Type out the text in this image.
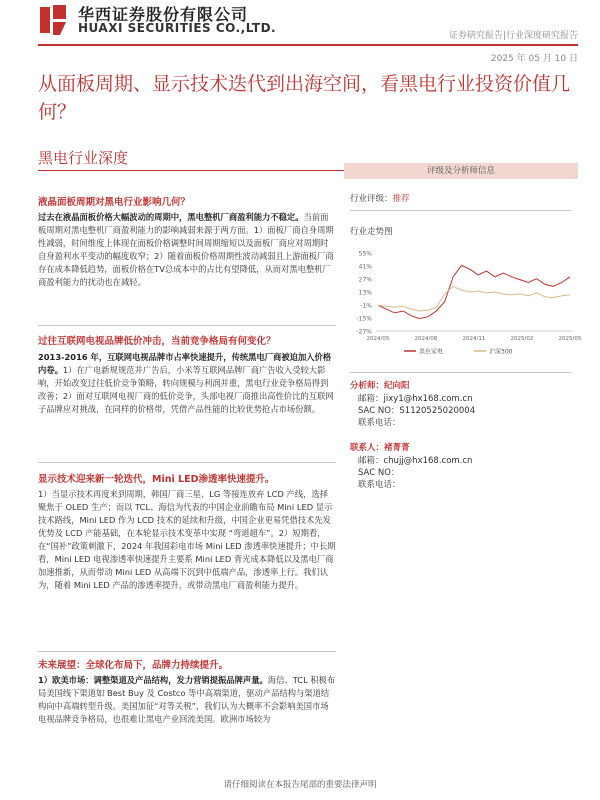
华西证券股份有限公司
HUAXI SECURITIES CO.,LTD.
证券研究报告|行业深度研究报告
2025 年 05 月 10 日
从面板周期、显示技术迭代到出海空间，看黑电行业投资价值几何？
黑电行业深度
液晶面板周期对黑电行业影响几何？
过去在液晶面板价格大幅波动的周期中，黑电整机厂商盈利能力不稳定。当前面板周期对黑电整机厂商盈利能力的影响减弱来源于两方面。1）面板厂商自身周期性减弱，时间维度上体现在面板价格调整时间周期缩短以及面板厂商应对周期时自身盈利水平变动的幅度收窄；2）随着面板价格周期性波动减弱且上游面板厂商存在成本降低趋势，面板价格在TV总成本中的占比有望降低，从而对黑电整机厂商盈利能力的扰动也在减轻。
过往互联网电视品牌低价冲击，当前竞争格局有何变化？
2013-2016 年，互联网电视品牌市占率快速提升，传统黑电厂商被迫加入价格内卷。1）在广电新规规范并广告后，小米等互联网品牌厂商广告收入受较大影响，开始改变过往低价竞争策略，转向规模与利润并重，黑电行业竞争格局得到改善；2）面对互联网电视厂商的低价竞争，头部电视厂商推出高性价比的互联网子品牌应对挑战，在同样的价格带，凭借产品性能的比较优势抢占市场份额。
显示技术迎来新一轮迭代，Mini LED渗透率快速提升。
1）当显示技术再度来到周期，韩国厂商三星、LG 等接连放弃 LCD 产线，选择聚焦于 OLED 生产；而以 TCL、海信为代表的中国企业前瞻布局 Mini LED 显示技术路线，Mini LED 作为 LCD 技术的延续和升级，中国企业更易凭借技术先发优势及 LCD 产能基础，在本轮显示技术变革中实现 “弯道超车”。2）短期看，在“国补”政策刺激下，2024 年我国彩电市场 Mini LED 渗透率快速提升；中长期看，Mini LED 电视渗透率快速提升主要系 Mini LED 背光成本降低以及黑电厂商加速推新，从而带动 Mini LED 从高端下沉到中低端产品，渗透率上行。我们认为，随着 Mini LED 产品的渗透率提升，或带动黑电厂商盈利能力提升。
未来展望：全球化布局下，品牌力持续提升。
1）欧美市场：调整渠道及产品结构，发力营销提振品牌声量。海信、TCL 积极布局美国线下渠道如 Best Buy 及 Costco 等中高端渠道，驱动产品结构与渠道结构向中高端转型升级。美国加征“对等关税”，我们认为大概率不会影响美国市场电视品牌竞争格局，也很难让黑电产业回流美国。欧洲市场较为
评级及分析师信息
行业评级：推荐
行业走势图
55%
41%
27%
13%
-1%
-15%
-27%
2024/05	2024/08	2024/11	2025/02	2025/05
黑色家电	沪深300
分析师：纪向阳
邮箱：jixy1@hx168.com.cn
SAC NO：S1120525020004
联系电话：
联系人：褚菁菁
邮箱：chujj@hx168.com.cn
SAC NO：
联系电话：
请仔细阅读在本报告尾部的重要法律声明
